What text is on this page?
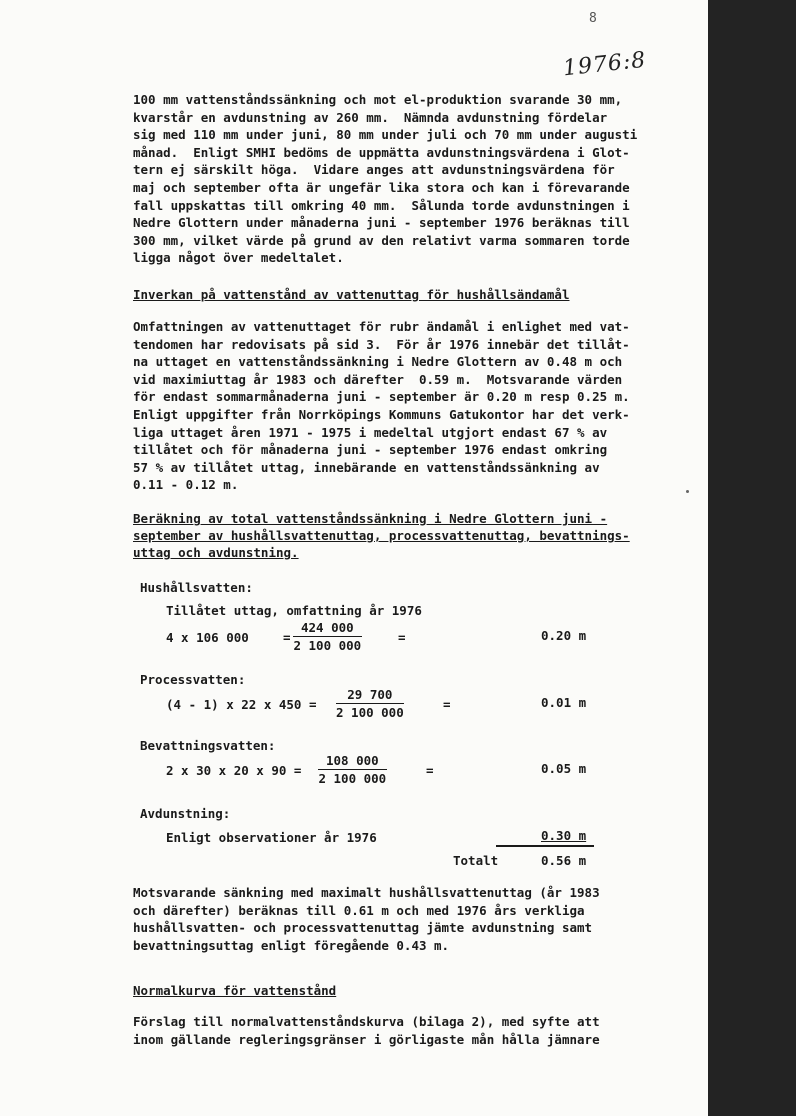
8
1976:8
100 mm vattenståndssänkning och mot el-produktion svarande 30 mm,
kvarstår en avdunstning av 260 mm.  Nämnda avdunstning fördelar
sig med 110 mm under juni, 80 mm under juli och 70 mm under augusti
månad.  Enligt SMHI bedöms de uppmätta avdunstningsvärdena i Glot-
tern ej särskilt höga.  Vidare anges att avdunstningsvärdena för
maj och september ofta är ungefär lika stora och kan i förevarande
fall uppskattas till omkring 40 mm.  Sålunda torde avdunstningen i
Nedre Glottern under månaderna juni - september 1976 beräknas till
300 mm, vilket värde på grund av den relativt varma sommaren torde
ligga något över medeltalet.
Inverkan på vattenstånd av vattenuttag för hushållsändamål
Omfattningen av vattenuttaget för rubr ändamål i enlighet med vat-
tendomen har redovisats på sid 3.  För år 1976 innebär det tillåt-
na uttaget en vattenståndssänkning i Nedre Glottern av 0.48 m och
vid maximiuttag år 1983 och därefter  0.59 m.  Motsvarande värden
för endast sommarmånaderna juni - september är 0.20 m resp 0.25 m.
Enligt uppgifter från Norrköpings Kommuns Gatukontor har det verk-
liga uttaget åren 1971 - 1975 i medeltal utgjort endast 67 % av
tillåtet och för månaderna juni - september 1976 endast omkring
57 % av tillåtet uttag, innebärande en vattenståndssänkning av
0.11 - 0.12 m.
Beräkning av total vattenståndssänkning i Nedre Glottern juni -
september av hushållsvattenuttag, processvattenuttag, bevattnings-
uttag och avdunstning.
Hushållsvatten:
Tillåtet uttag, omfattning år 1976
4 x 106 000	= $\frac{424 000}{2 100 000}$	=	0.20 m
Processvatten:
(4 - 1) x 22 x $450 = \frac{29 700}{2 100 000}$	=	0.01 m
Bevattningsvatten:
2 x 30 x 20 x $90 = \frac{108 000}{2 100 000}$	=	0.05 m
Avdunstning:
Enligt observationer år 1976	0.30 m
Totalt	0.56 m
Motsvarande sänkning med maximalt hushållsvattenuttag (år 1983
och därefter) beräknas till 0.61 m och med 1976 års verkliga
hushållsvatten- och processvattenuttag jämte avdunstning samt
bevattningsuttag enligt föregående 0.43 m.
Normalkurva för vattenstånd
Förslag till normalvattenståndskurva (bilaga 2), med syfte att
inom gällande regleringsgränser i görligaste mån hålla jämnare
